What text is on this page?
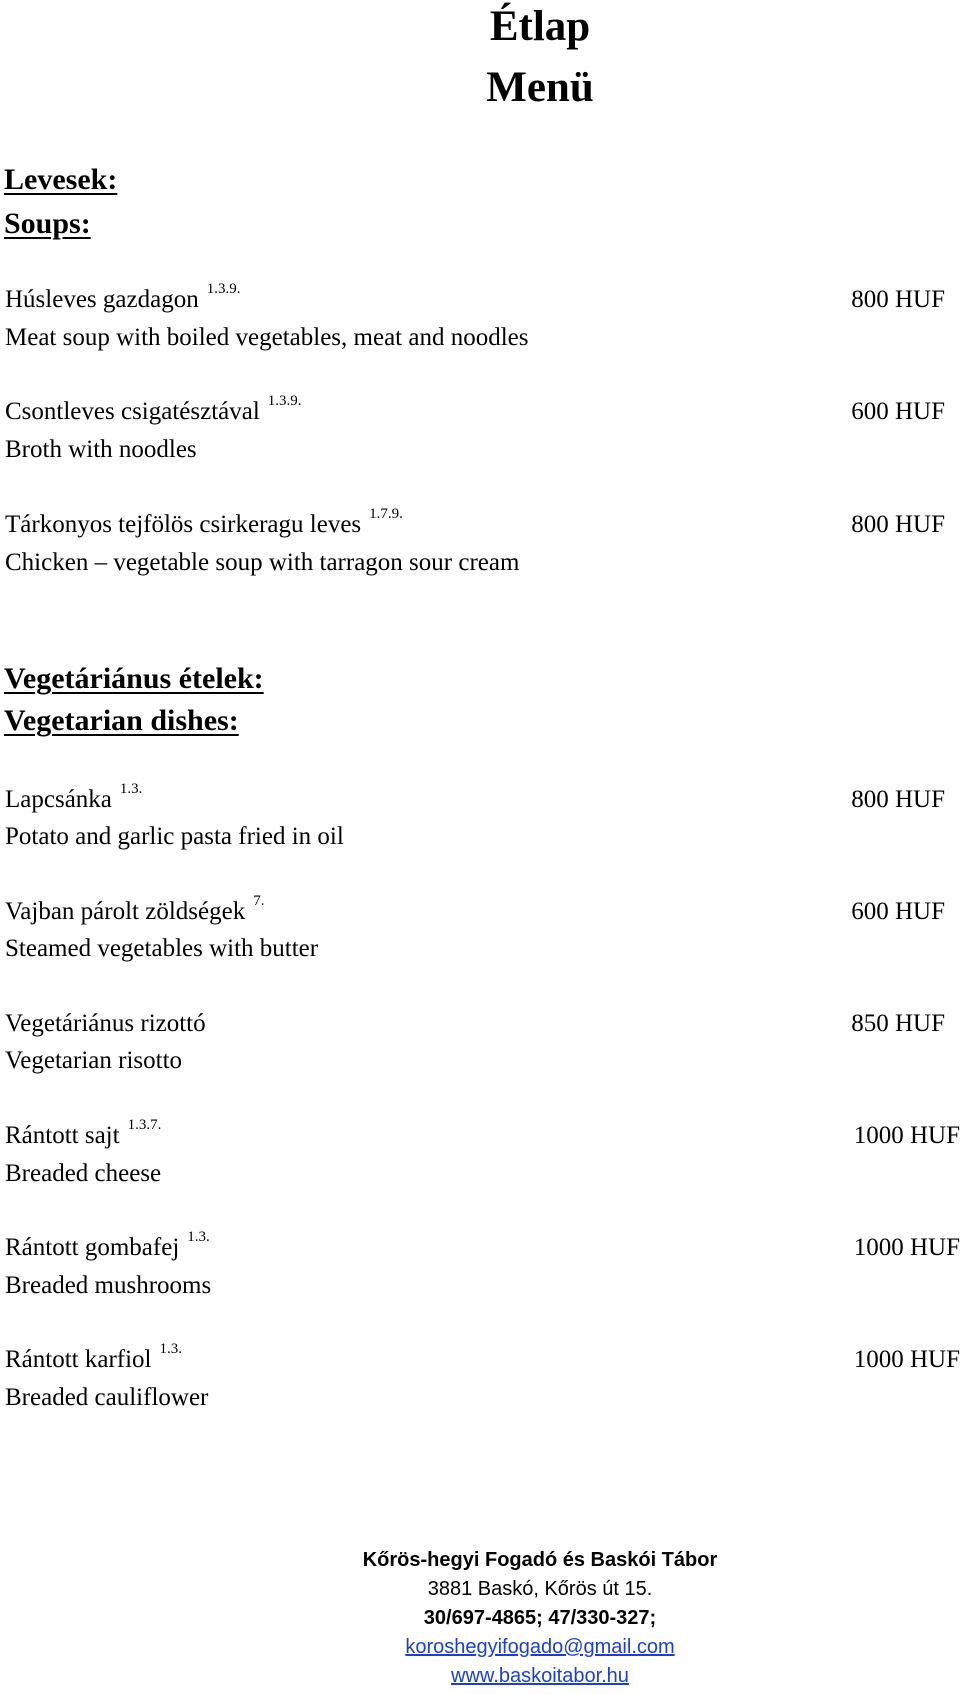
Étlap
Menü
Levesek:
Soups:
Húsleves gazdagon $^{1.3.9.}$
Meat soup with boiled vegetables, meat and noodles
800 HUF
Csontleves csigatésztával $^{1.3.9.}$
Broth with noodles
600 HUF
Tárkonyos tejfölös csirkeragu leves $^{1.7.9.}$
Chicken – vegetable soup with tarragon sour cream
800 HUF
Vegetáriánus ételek:
Vegetarian dishes:
Lapcsánka $^{1.3.}$
Potato and garlic pasta fried in oil
800 HUF
Vajban párolt zöldségek $^{7.}$
Steamed vegetables with butter
600 HUF
Vegetáriánus rizottó
Vegetarian risotto
850 HUF
Rántott sajt $^{1.3.7.}$
Breaded cheese
1000 HUF
Rántott gombafej $^{1.3.}$
Breaded mushrooms
1000 HUF
Rántott karfiol $^{1.3.}$
Breaded cauliflower
1000 HUF
Kőrös-hegyi Fogadó és Baskói Tábor
3881 Baskó, Kőrös út 15.
30/697-4865; 47/330-327;
koroshegyifogado@gmail.com
www.baskoitabor.hu
